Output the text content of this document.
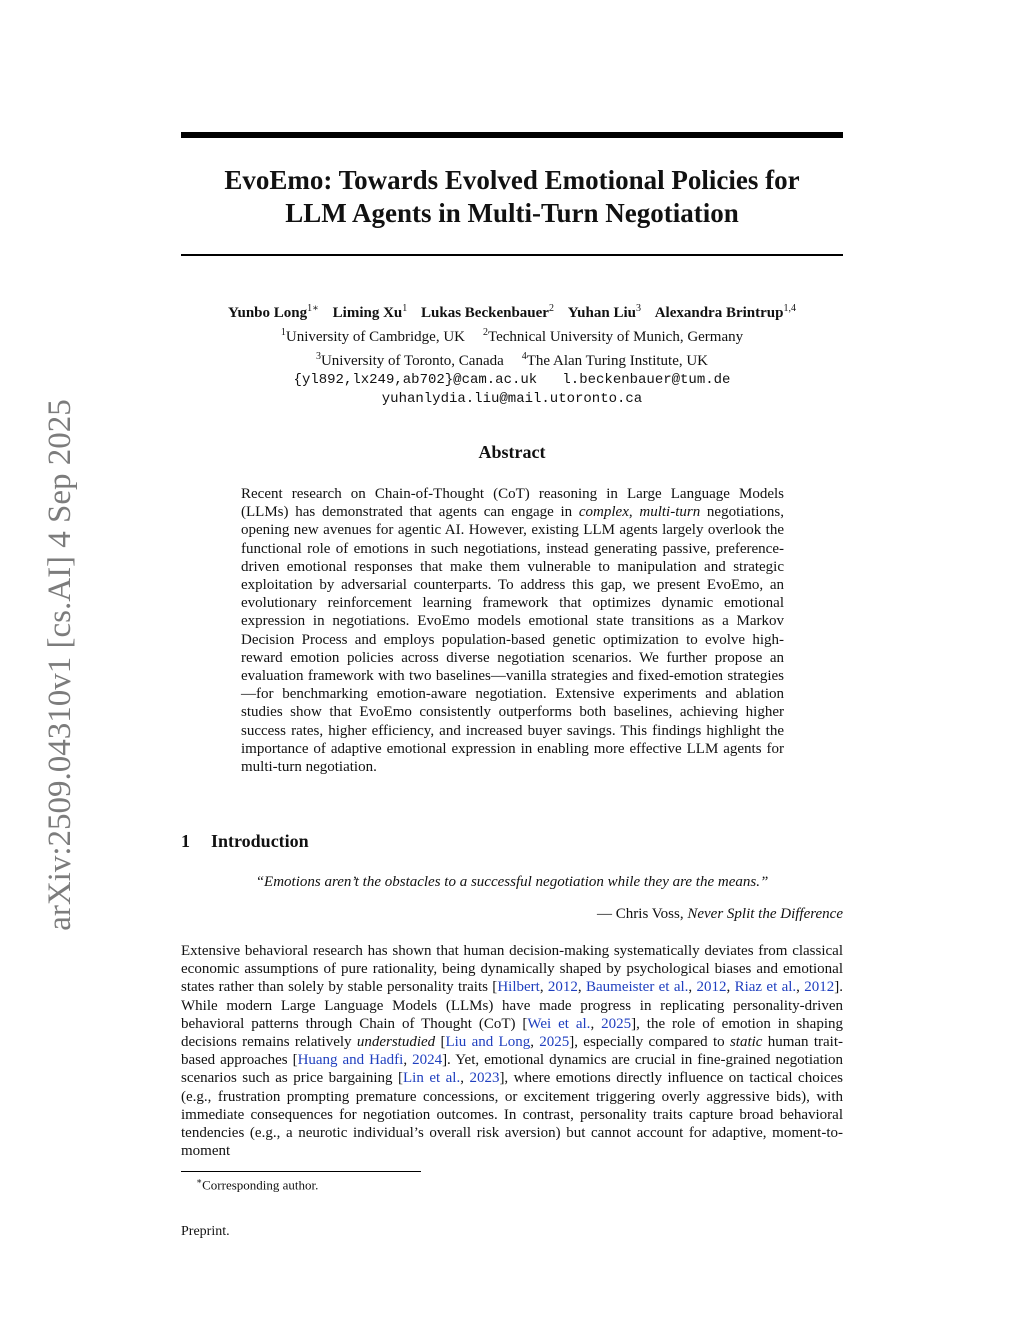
arXiv:2509.04310v1 [cs.AI] 4 Sep 2025
EvoEmo: Towards Evolved Emotional Policies for
LLM Agents in Multi-Turn Negotiation
Yunbo Long$^{1∗}$ Liming Xu$^1$ Lukas Beckenbauer$^2$ Yuhan Liu$^3$ Alexandra Brintrup$^{1,4}$
$^1$University of Cambridge, UK $^2$Technical University of Munich, Germany
$^3$University of Toronto, Canada $^4$The Alan Turing Institute, UK
{yl892,lx249,ab702}@cam.ac.uk l.beckenbauer@tum.de
yuhanlydia.liu@mail.utoronto.ca
Abstract

Recent research on Chain-of-Thought (CoT) reasoning in Large Language Models (LLMs) has demonstrated that agents can engage in complex, multi-turn negotiations, opening new avenues for agentic AI. However, existing LLM agents largely overlook the functional role of emotions in such negotiations, instead generating passive, preference-driven emotional responses that make them vulnerable to manipulation and strategic exploitation by adversarial counterparts. To address this gap, we present EvoEmo, an evolutionary reinforcement learning framework that optimizes dynamic emotional expression in negotiations. EvoEmo models emotional state transitions as a Markov Decision Process and employs population-based genetic optimization to evolve high-reward emotion policies across diverse negotiation scenarios. We further propose an evaluation framework with two baselines—vanilla strategies and fixed-emotion strategies—for benchmarking emotion-aware negotiation. Extensive experiments and ablation studies show that EvoEmo consistently outperforms both baselines, achieving higher success rates, higher efficiency, and increased buyer savings. This findings highlight the importance of adaptive emotional expression in enabling more effective LLM agents for multi-turn negotiation.

1 Introduction

“Emotions aren’t the obstacles to a successful negotiation while they are the means.”

— Chris Voss, Never Split the Difference

Extensive behavioral research has shown that human decision-making systematically deviates from classical economic assumptions of pure rationality, being dynamically shaped by psychological biases and emotional states rather than solely by stable personality traits [Hilbert, 2012, Baumeister et al., 2012, Riaz et al., 2012]. While modern Large Language Models (LLMs) have made progress in replicating personality-driven behavioral patterns through Chain of Thought (CoT) [Wei et al., 2025], the role of emotion in shaping decisions remains relatively understudied [Liu and Long, 2025], especially compared to static human trait-based approaches [Huang and Hadfi, 2024]. Yet, emotional dynamics are crucial in fine-grained negotiation scenarios such as price bargaining [Lin et al., 2023], where emotions directly influence on tactical choices (e.g., frustration prompting premature concessions, or excitement triggering overly aggressive bids), with immediate consequences for negotiation outcomes. In contrast, personality traits capture broad behavioral tendencies (e.g., a neurotic individual’s overall risk aversion) but cannot account for adaptive, moment-to-moment

∗Corresponding author.

Preprint.
